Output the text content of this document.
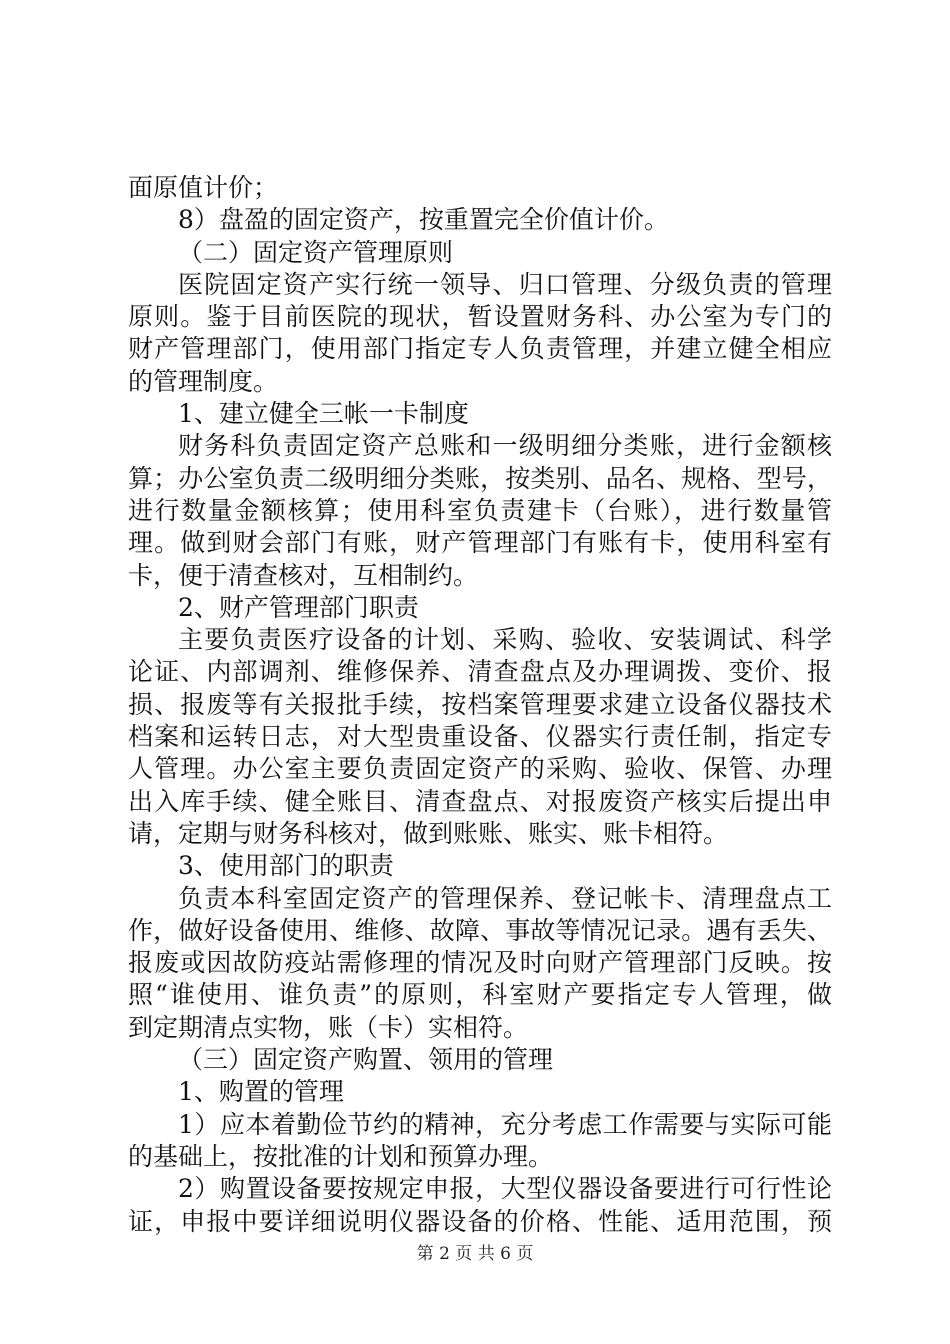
面原值计价；
8）盘盈的固定资产，按重置完全价值计价。
（二）固定资产管理原则
医院固定资产实行统一领导、归口管理、分级负责的管理
原则。鉴于目前医院的现状，暂设置财务科、办公室为专门的
财产管理部门，使用部门指定专人负责管理，并建立健全相应
的管理制度。
1、建立健全三帐一卡制度
财务科负责固定资产总账和一级明细分类账，进行金额核
算；办公室负责二级明细分类账，按类别、品名、规格、型号，
进行数量金额核算；使用科室负责建卡（台账），进行数量管
理。做到财会部门有账，财产管理部门有账有卡，使用科室有
卡，便于清查核对，互相制约。
2、财产管理部门职责
主要负责医疗设备的计划、采购、验收、安装调试、科学
论证、内部调剂、维修保养、清查盘点及办理调拨、变价、报
损、报废等有关报批手续，按档案管理要求建立设备仪器技术
档案和运转日志，对大型贵重设备、仪器实行责任制，指定专
人管理。办公室主要负责固定资产的采购、验收、保管、办理
出入库手续、健全账目、清查盘点、对报废资产核实后提出申
请，定期与财务科核对，做到账账、账实、账卡相符。
3、使用部门的职责
负责本科室固定资产的管理保养、登记帐卡、清理盘点工
作，做好设备使用、维修、故障、事故等情况记录。遇有丢失、
报废或因故防疫站需修理的情况及时向财产管理部门反映。按
照“谁使用、谁负责”的原则，科室财产要指定专人管理，做
到定期清点实物，账（卡）实相符。
（三）固定资产购置、领用的管理
1、购置的管理
1）应本着勤俭节约的精神，充分考虑工作需要与实际可能
的基础上，按批准的计划和预算办理。
2）购置设备要按规定申报，大型仪器设备要进行可行性论
证，申报中要详细说明仪器设备的价格、性能、适用范围，预
第 2 页 共 6 页
